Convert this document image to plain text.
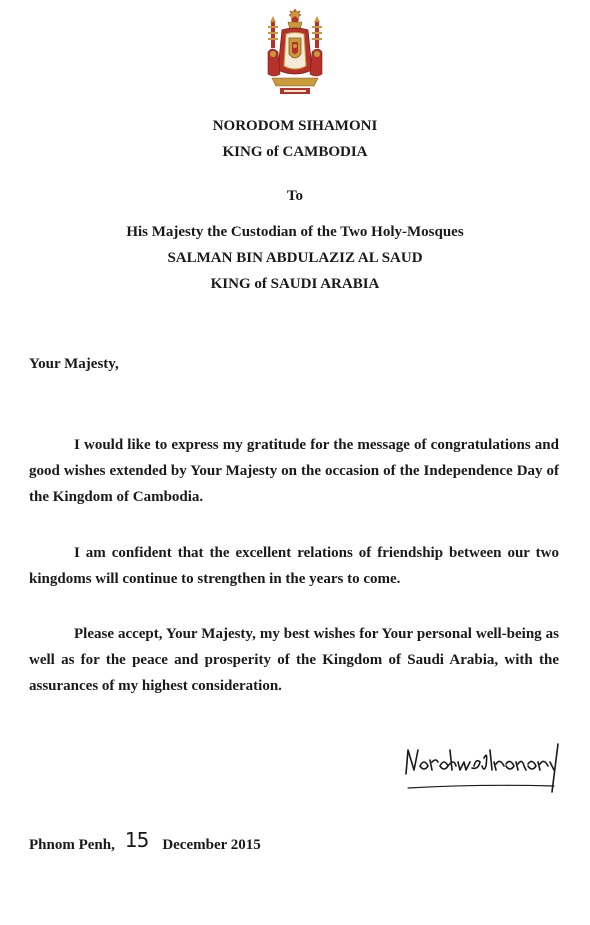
NORODOM SIHAMONI
KING of CAMBODIA
To
His Majesty the Custodian of the Two Holy-Mosques
SALMAN BIN ABDULAZIZ AL SAUD
KING of SAUDI ARABIA
Your Majesty,

I would like to express my gratitude for the message of congratulations and good wishes extended by Your Majesty on the occasion of the Independence Day of the Kingdom of Cambodia.

I am confident that the excellent relations of friendship between our two kingdoms will continue to strengthen in the years to come.

Please accept, Your Majesty, my best wishes for Your personal well-being as well as for the peace and prosperity of the Kingdom of Saudi Arabia, with the assurances of my highest consideration.

Phnom Penh, 15 December 2015
